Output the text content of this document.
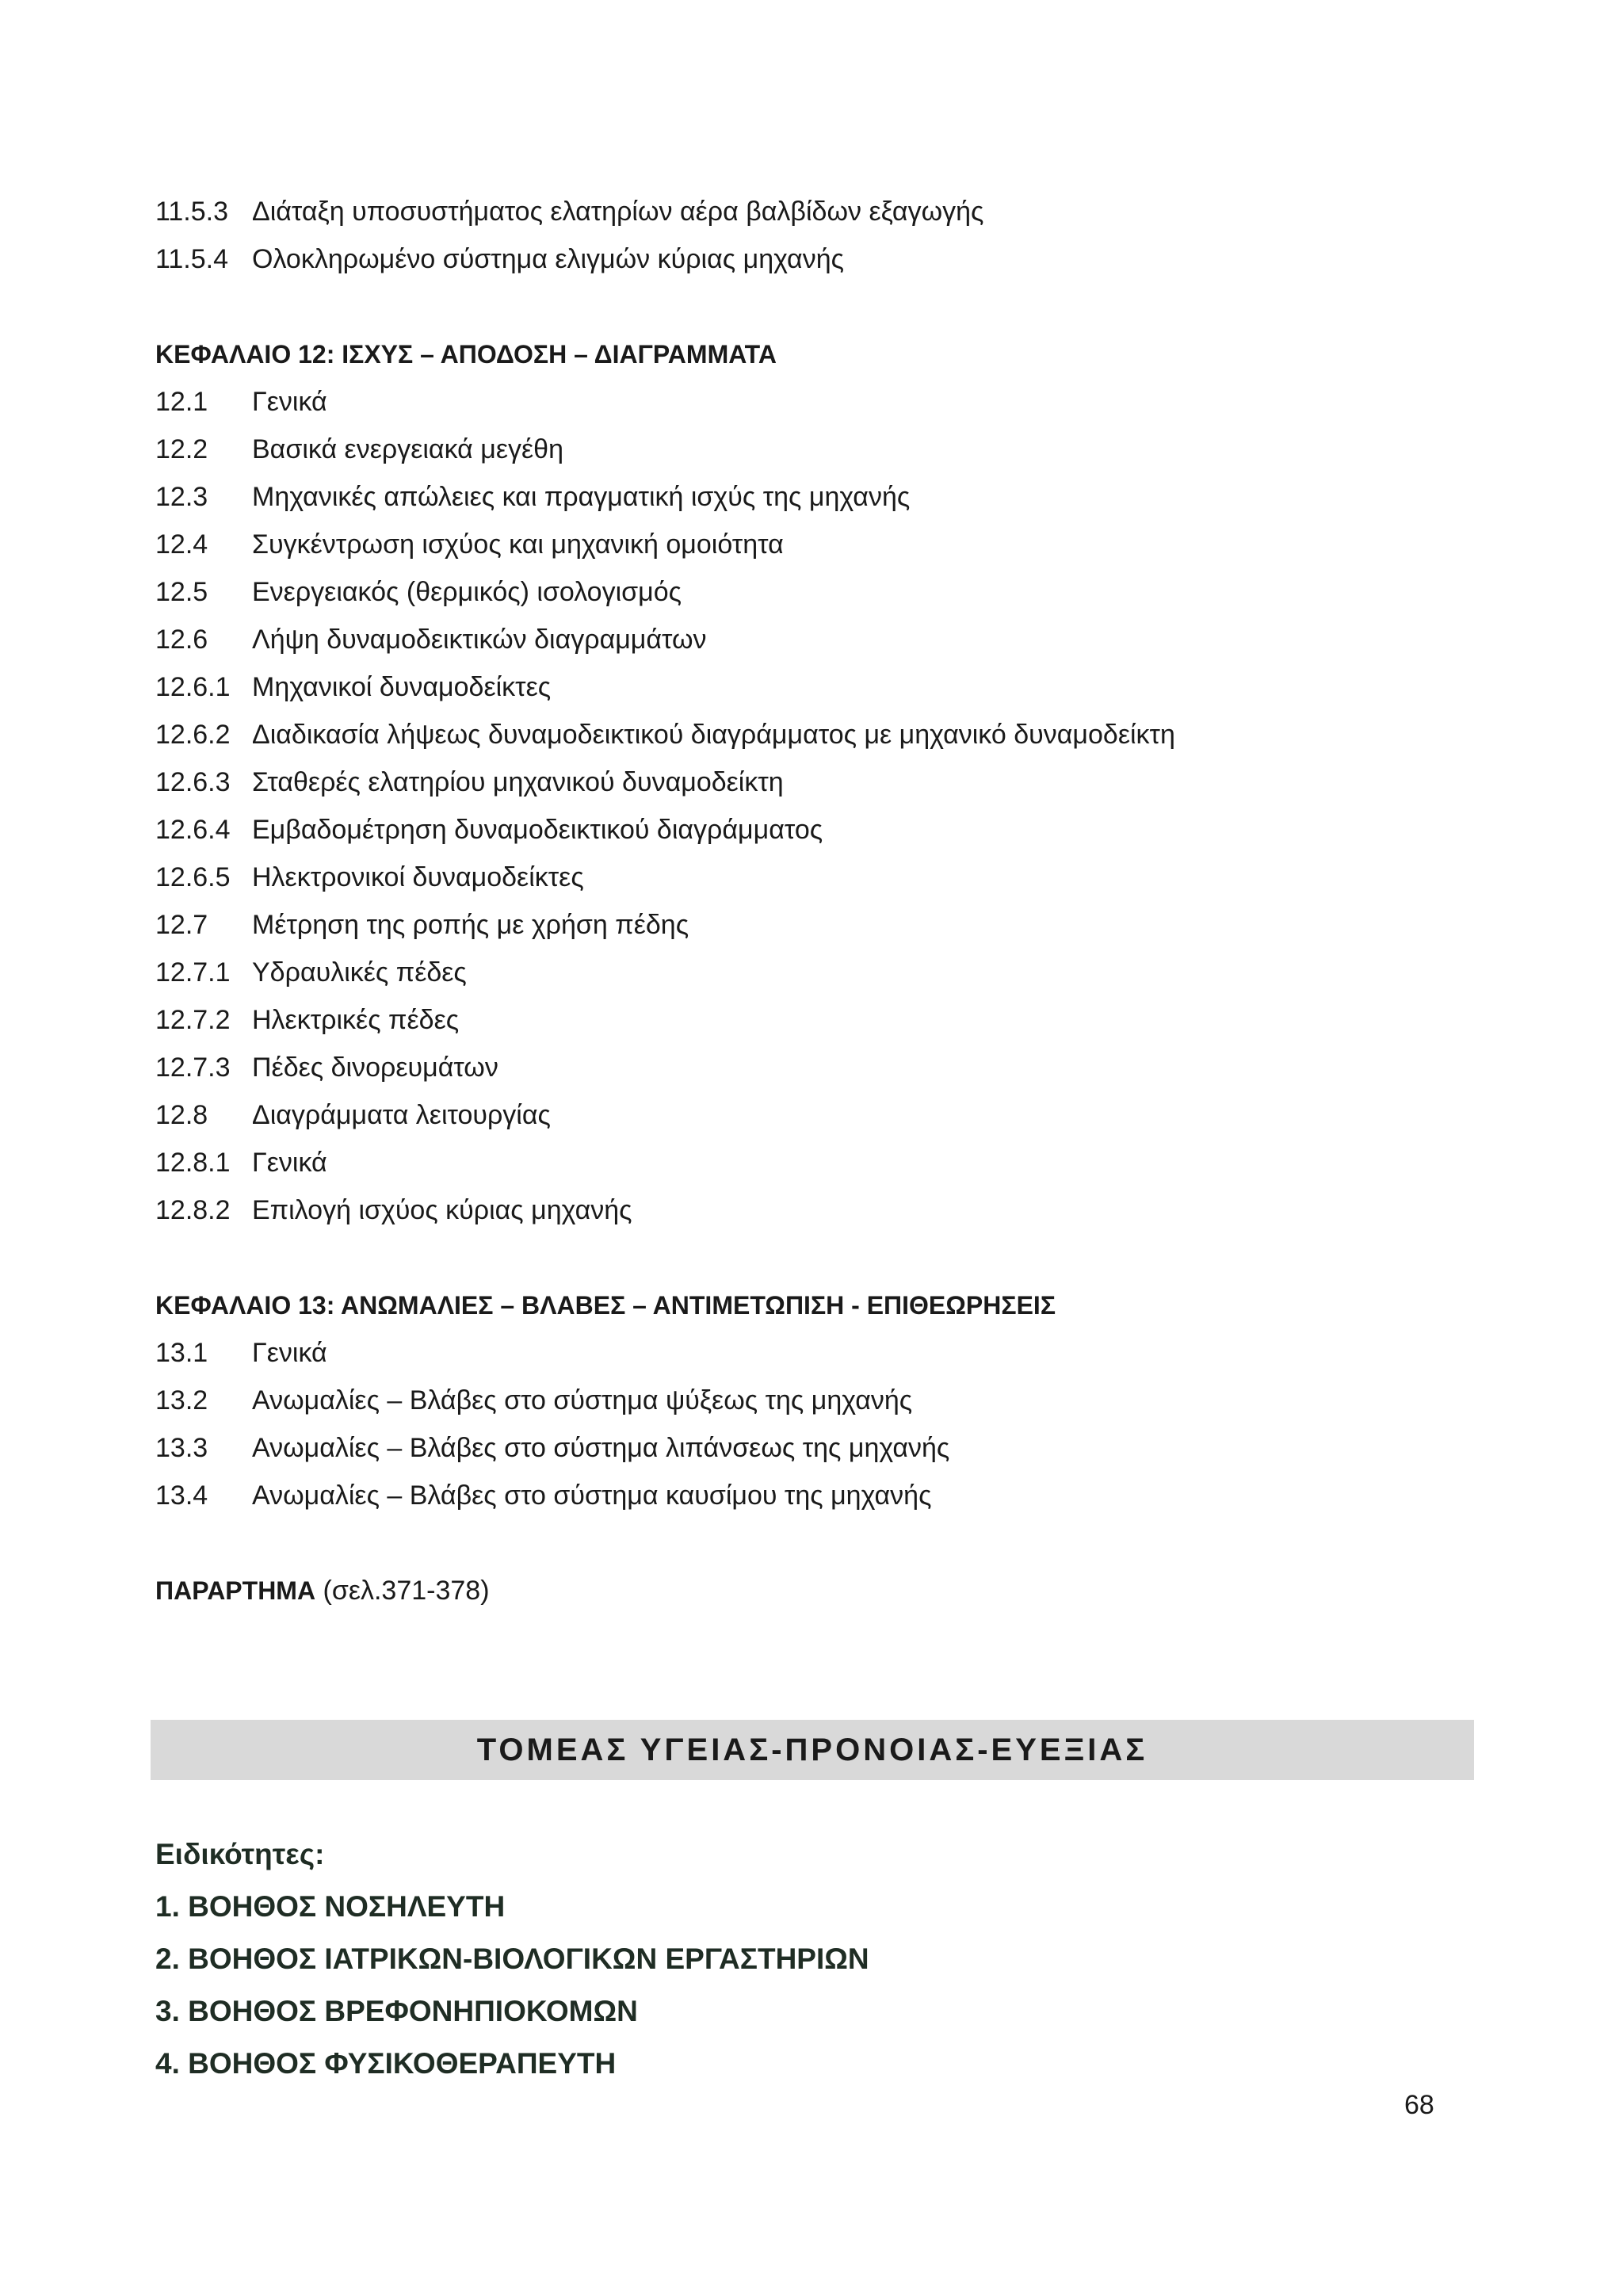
11.5.3 Διάταξη υποσυστήματος ελατηρίων αέρα βαλβίδων εξαγωγής
11.5.4 Ολοκληρωμένο σύστημα ελιγμών κύριας μηχανής
ΚΕΦΑΛΑΙΟ 12: ΙΣΧΥΣ – ΑΠΟΔΟΣΗ – ΔΙΑΓΡΑΜΜΑΤΑ
12.1 Γενικά
12.2 Βασικά ενεργειακά μεγέθη
12.3 Μηχανικές απώλειες και πραγματική ισχύς της μηχανής
12.4 Συγκέντρωση ισχύος και μηχανική ομοιότητα
12.5 Ενεργειακός (θερμικός) ισολογισμός
12.6 Λήψη δυναμοδεικτικών διαγραμμάτων
12.6.1 Μηχανικοί δυναμοδείκτες
12.6.2 Διαδικασία λήψεως δυναμοδεικτικού διαγράμματος με μηχανικό δυναμοδείκτη
12.6.3 Σταθερές ελατηρίου μηχανικού δυναμοδείκτη
12.6.4 Εμβαδομέτρηση δυναμοδεικτικού διαγράμματος
12.6.5 Ηλεκτρονικοί δυναμοδείκτες
12.7 Μέτρηση της ροπής με χρήση πέδης
12.7.1 Υδραυλικές πέδες
12.7.2 Ηλεκτρικές πέδες
12.7.3 Πέδες δινορευμάτων
12.8 Διαγράμματα λειτουργίας
12.8.1 Γενικά
12.8.2 Επιλογή ισχύος κύριας μηχανής
ΚΕΦΑΛΑΙΟ 13: ΑΝΩΜΑΛΙΕΣ – ΒΛΑΒΕΣ – ΑΝΤΙΜΕΤΩΠΙΣΗ - ΕΠΙΘΕΩΡΗΣΕΙΣ
13.1 Γενικά
13.2 Ανωμαλίες – Βλάβες στο σύστημα ψύξεως της μηχανής
13.3 Ανωμαλίες – Βλάβες στο σύστημα λιπάνσεως της μηχανής
13.4 Ανωμαλίες – Βλάβες στο σύστημα καυσίμου της μηχανής
ΠΑΡΑΡΤΗΜΑ (σελ.371-378)
ΤΟΜΕΑΣ ΥΓΕΙΑΣ-ΠΡΟΝΟΙΑΣ-ΕΥΕΞΙΑΣ
Ειδικότητες:
1. ΒΟΗΘΟΣ ΝΟΣΗΛΕΥΤΗ
2. ΒΟΗΘΟΣ ΙΑΤΡΙΚΩΝ-ΒΙΟΛΟΓΙΚΩΝ ΕΡΓΑΣΤΗΡΙΩΝ
3. ΒΟΗΘΟΣ ΒΡΕΦΟΝΗΠΙΟΚΟΜΩΝ
4. ΒΟΗΘΟΣ ΦΥΣΙΚΟΘΕΡΑΠΕΥΤΗ
68
